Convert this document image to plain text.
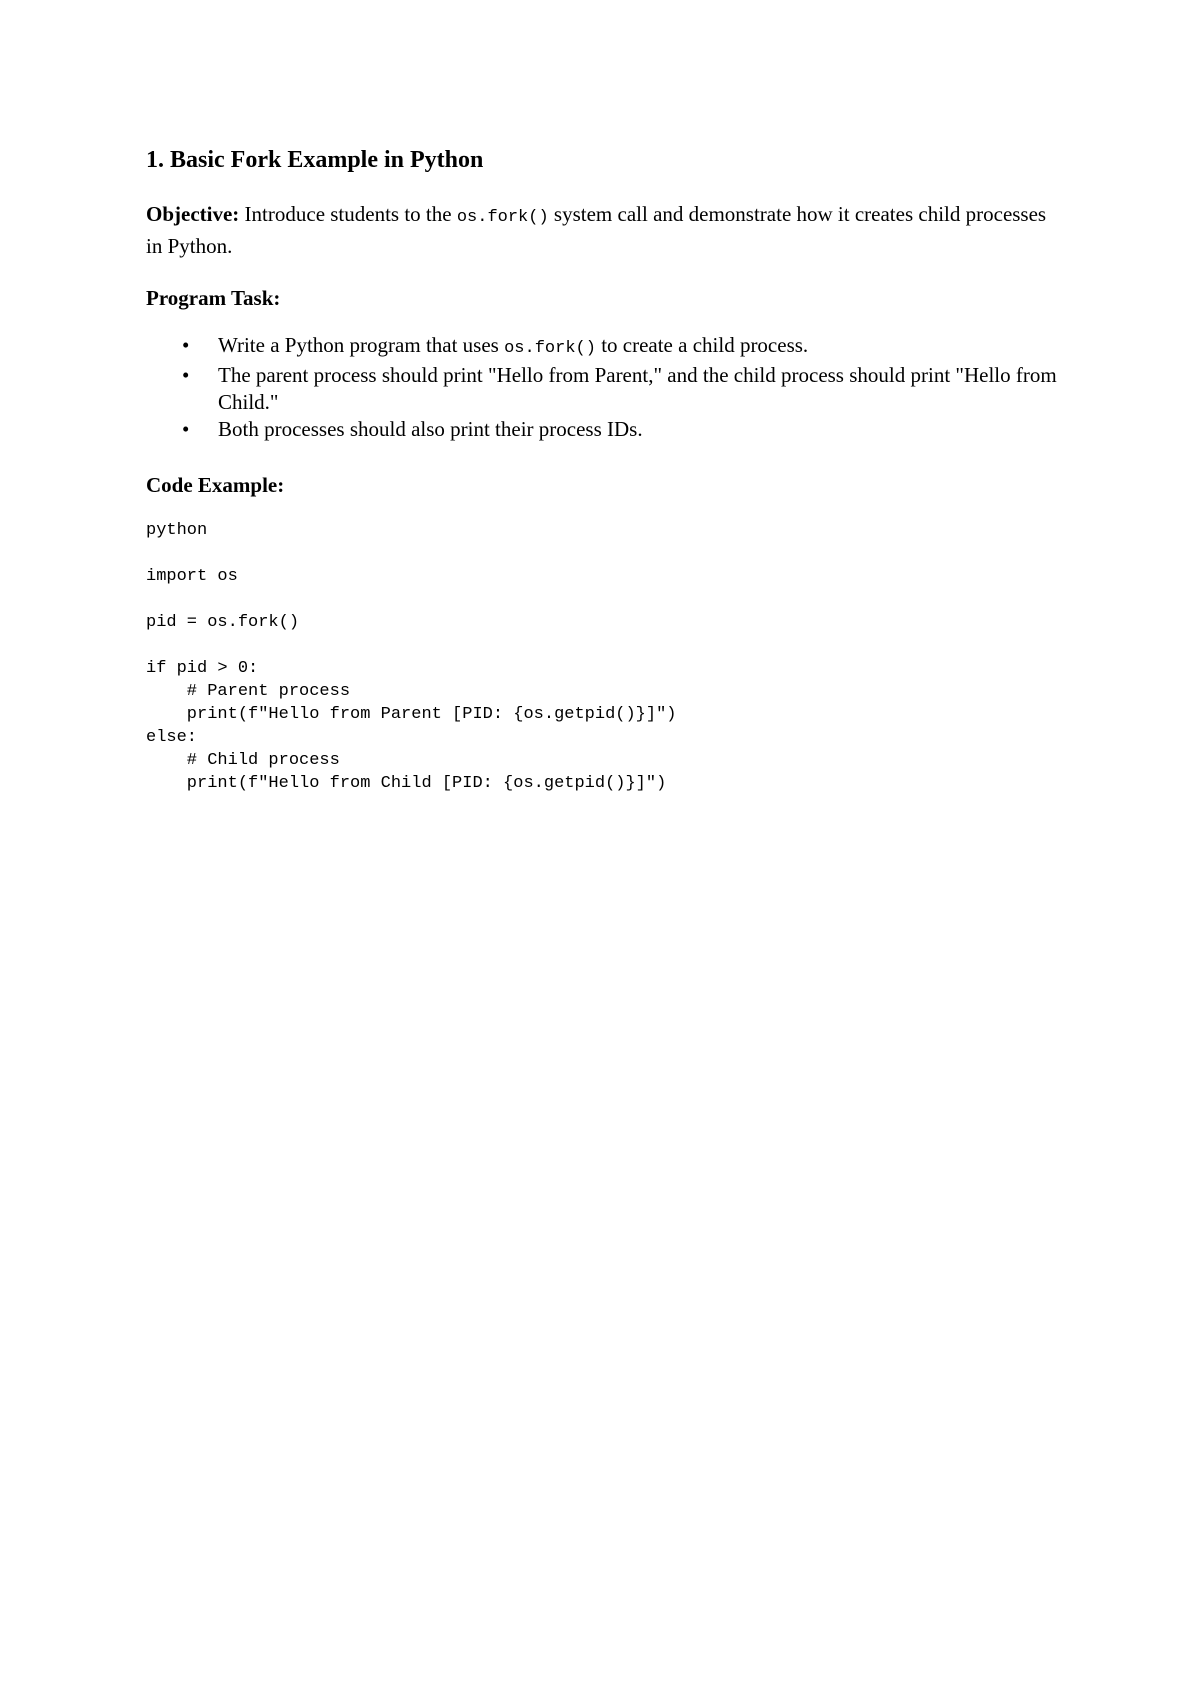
1. Basic Fork Example in Python
Objective: Introduce students to the os.fork() system call and demonstrate how it creates child processes in Python.
Program Task:
• Write a Python program that uses os.fork() to create a child process.
• The parent process should print "Hello from Parent," and the child process should print "Hello from Child."
• Both processes should also print their process IDs.
Code Example:
python
import os

pid = os.fork()

if pid > 0:
# Parent process
print(f"Hello from Parent [PID: {os.getpid()}]")
else:
# Child process
print(f"Hello from Child [PID: {os.getpid()}]")
